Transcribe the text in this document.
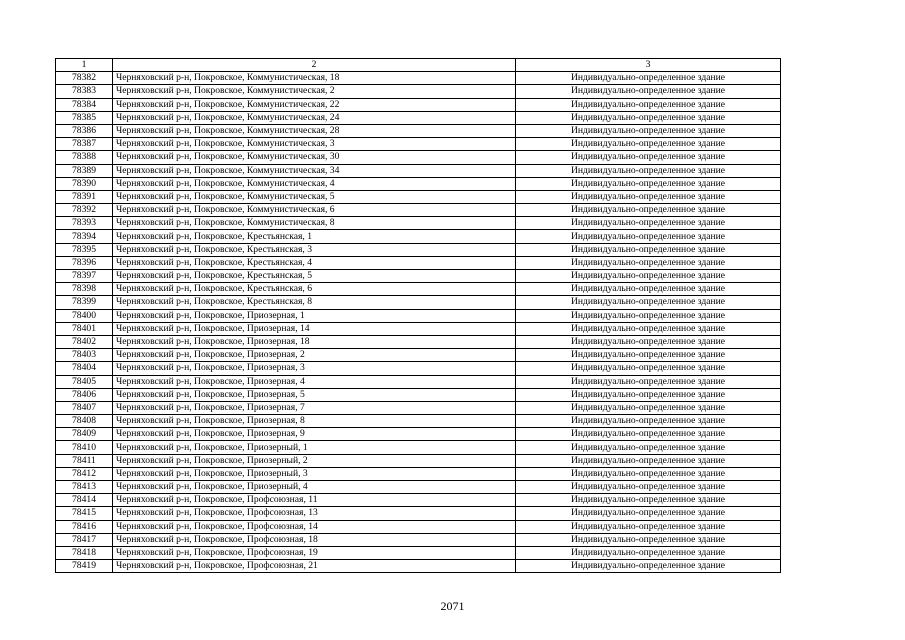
1	2	3
78382	Черняховский р-н, Покровское, Коммунистическая, 18	Индивидуально-определенное здание
78383	Черняховский р-н, Покровское, Коммунистическая, 2	Индивидуально-определенное здание
78384	Черняховский р-н, Покровское, Коммунистическая, 22	Индивидуально-определенное здание
78385	Черняховский р-н, Покровское, Коммунистическая, 24	Индивидуально-определенное здание
78386	Черняховский р-н, Покровское, Коммунистическая, 28	Индивидуально-определенное здание
78387	Черняховский р-н, Покровское, Коммунистическая, 3	Индивидуально-определенное здание
78388	Черняховский р-н, Покровское, Коммунистическая, 30	Индивидуально-определенное здание
78389	Черняховский р-н, Покровское, Коммунистическая, 34	Индивидуально-определенное здание
78390	Черняховский р-н, Покровское, Коммунистическая, 4	Индивидуально-определенное здание
78391	Черняховский р-н, Покровское, Коммунистическая, 5	Индивидуально-определенное здание
78392	Черняховский р-н, Покровское, Коммунистическая, 6	Индивидуально-определенное здание
78393	Черняховский р-н, Покровское, Коммунистическая, 8	Индивидуально-определенное здание
78394	Черняховский р-н, Покровское, Крестьянская, 1	Индивидуально-определенное здание
78395	Черняховский р-н, Покровское, Крестьянская, 3	Индивидуально-определенное здание
78396	Черняховский р-н, Покровское, Крестьянская, 4	Индивидуально-определенное здание
78397	Черняховский р-н, Покровское, Крестьянская, 5	Индивидуально-определенное здание
78398	Черняховский р-н, Покровское, Крестьянская, 6	Индивидуально-определенное здание
78399	Черняховский р-н, Покровское, Крестьянская, 8	Индивидуально-определенное здание
78400	Черняховский р-н, Покровское, Приозерная, 1	Индивидуально-определенное здание
78401	Черняховский р-н, Покровское, Приозерная, 14	Индивидуально-определенное здание
78402	Черняховский р-н, Покровское, Приозерная, 18	Индивидуально-определенное здание
78403	Черняховский р-н, Покровское, Приозерная, 2	Индивидуально-определенное здание
78404	Черняховский р-н, Покровское, Приозерная, 3	Индивидуально-определенное здание
78405	Черняховский р-н, Покровское, Приозерная, 4	Индивидуально-определенное здание
78406	Черняховский р-н, Покровское, Приозерная, 5	Индивидуально-определенное здание
78407	Черняховский р-н, Покровское, Приозерная, 7	Индивидуально-определенное здание
78408	Черняховский р-н, Покровское, Приозерная, 8	Индивидуально-определенное здание
78409	Черняховский р-н, Покровское, Приозерная, 9	Индивидуально-определенное здание
78410	Черняховский р-н, Покровское, Приозерный, 1	Индивидуально-определенное здание
78411	Черняховский р-н, Покровское, Приозерный, 2	Индивидуально-определенное здание
78412	Черняховский р-н, Покровское, Приозерный, 3	Индивидуально-определенное здание
78413	Черняховский р-н, Покровское, Приозерный, 4	Индивидуально-определенное здание
78414	Черняховский р-н, Покровское, Профсоюзная, 11	Индивидуально-определенное здание
78415	Черняховский р-н, Покровское, Профсоюзная, 13	Индивидуально-определенное здание
78416	Черняховский р-н, Покровское, Профсоюзная, 14	Индивидуально-определенное здание
78417	Черняховский р-н, Покровское, Профсоюзная, 18	Индивидуально-определенное здание
78418	Черняховский р-н, Покровское, Профсоюзная, 19	Индивидуально-определенное здание
78419	Черняховский р-н, Покровское, Профсоюзная, 21	Индивидуально-определенное здание
2071
